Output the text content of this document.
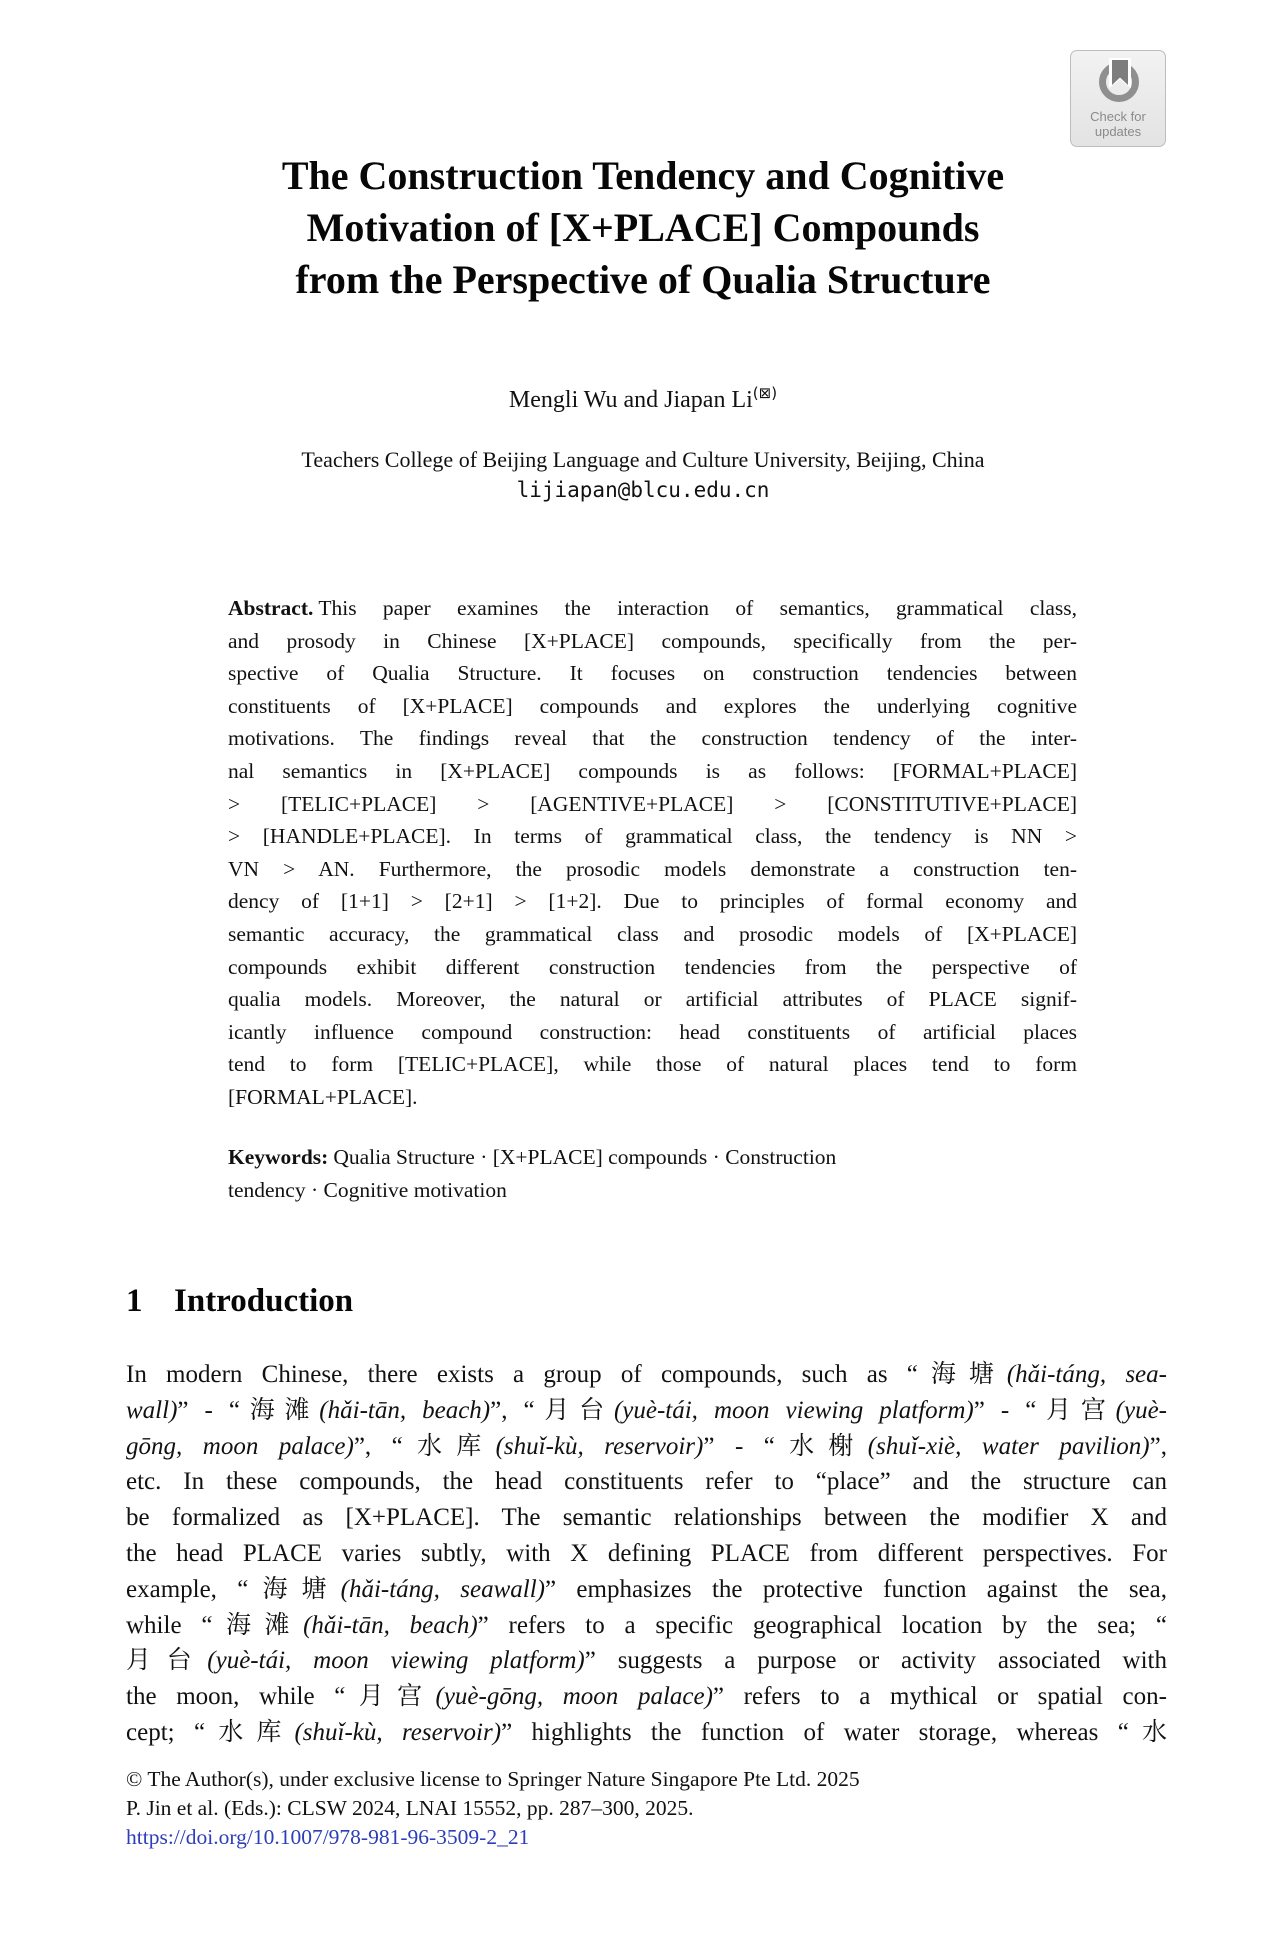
Check for
updates
The Construction Tendency and Cognitive
Motivation of [X+PLACE] Compounds
from the Perspective of Qualia Structure
Mengli Wu and Jiapan Li(⊠)
Teachers College of Beijing Language and Culture University, Beijing, China
lijiapan@blcu.edu.cn
Abstract. This paper examines the interaction of semantics, grammatical class,
and prosody in Chinese [X+PLACE] compounds, specifically from the per-
spective of Qualia Structure. It focuses on construction tendencies between
constituents of [X+PLACE] compounds and explores the underlying cognitive
motivations. The findings reveal that the construction tendency of the inter-
nal semantics in [X+PLACE] compounds is as follows: [FORMAL+PLACE]
> [TELIC+PLACE] > [AGENTIVE+PLACE] > [CONSTITUTIVE+PLACE]
> [HANDLE+PLACE]. In terms of grammatical class, the tendency is NN >
VN > AN. Furthermore, the prosodic models demonstrate a construction ten-
dency of [1+1] > [2+1] > [1+2]. Due to principles of formal economy and
semantic accuracy, the grammatical class and prosodic models of [X+PLACE]
compounds exhibit different construction tendencies from the perspective of
qualia models. Moreover, the natural or artificial attributes of PLACE signif-
icantly influence compound construction: head constituents of artificial places
tend to form [TELIC+PLACE], while those of natural places tend to form
[FORMAL+PLACE].
Keywords: Qualia Structure · [X+PLACE] compounds · Construction
tendency · Cognitive motivation
1 Introduction
In modern Chinese, there exists a group of compounds, such as “海塘(hǎi-táng, sea-
wall)” - “海滩(hǎi-tān, beach)”, “月台(yuè-tái, moon viewing platform)” - “月宫(yuè-
gōng, moon palace)”, “水库(shuǐ-kù, reservoir)” - “水榭(shuǐ-xiè, water pavilion)”,
etc. In these compounds, the head constituents refer to “place” and the structure can
be formalized as [X+PLACE]. The semantic relationships between the modifier X and
the head PLACE varies subtly, with X defining PLACE from different perspectives. For
example, “海塘(hǎi-táng, seawall)” emphasizes the protective function against the sea,
while “海滩(hǎi-tān, beach)” refers to a specific geographical location by the sea; “
月台(yuè-tái, moon viewing platform)” suggests a purpose or activity associated with
the moon, while “月宫(yuè-gōng, moon palace)” refers to a mythical or spatial con-
cept; “水库(shuǐ-kù, reservoir)” highlights the function of water storage, whereas “水
© The Author(s), under exclusive license to Springer Nature Singapore Pte Ltd. 2025
P. Jin et al. (Eds.): CLSW 2024, LNAI 15552, pp. 287–300, 2025.
https://doi.org/10.1007/978-981-96-3509-2_21
